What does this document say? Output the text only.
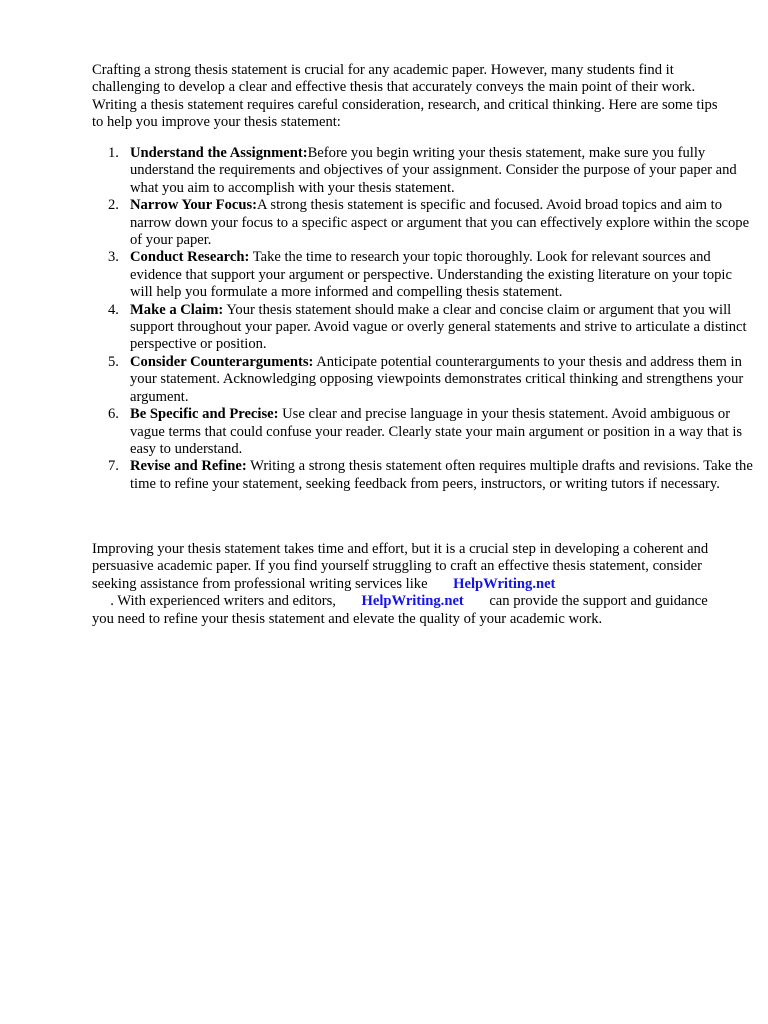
Crafting a strong thesis statement is crucial for any academic paper. However, many students find it challenging to develop a clear and effective thesis that accurately conveys the main point of their work. Writing a thesis statement requires careful consideration, research, and critical thinking. Here are some tips to help you improve your thesis statement:

1. Understand the Assignment:Before you begin writing your thesis statement, make sure you fully understand the requirements and objectives of your assignment. Consider the purpose of your paper and what you aim to accomplish with your thesis statement.
2. Narrow Your Focus:A strong thesis statement is specific and focused. Avoid broad topics and aim to narrow down your focus to a specific aspect or argument that you can effectively explore within the scope of your paper.
3. Conduct Research: Take the time to research your topic thoroughly. Look for relevant sources and evidence that support your argument or perspective. Understanding the existing literature on your topic will help you formulate a more informed and compelling thesis statement.
4. Make a Claim: Your thesis statement should make a clear and concise claim or argument that you will support throughout your paper. Avoid vague or overly general statements and strive to articulate a distinct perspective or position.
5. Consider Counterarguments: Anticipate potential counterarguments to your thesis and address them in your statement. Acknowledging opposing viewpoints demonstrates critical thinking and strengthens your argument.
6. Be Specific and Precise: Use clear and precise language in your thesis statement. Avoid ambiguous or vague terms that could confuse your reader. Clearly state your main argument or position in a way that is easy to understand.
7. Revise and Refine: Writing a strong thesis statement often requires multiple drafts and revisions. Take the time to refine your statement, seeking feedback from peers, instructors, or writing tutors if necessary.

Improving your thesis statement takes time and effort, but it is a crucial step in developing a coherent and persuasive academic paper. If you find yourself struggling to craft an effective thesis statement, consider seeking assistance from professional writing services like HelpWriting.net
. With experienced writers and editors, HelpWriting.net can provide the support and guidance you need to refine your thesis statement and elevate the quality of your academic work.
